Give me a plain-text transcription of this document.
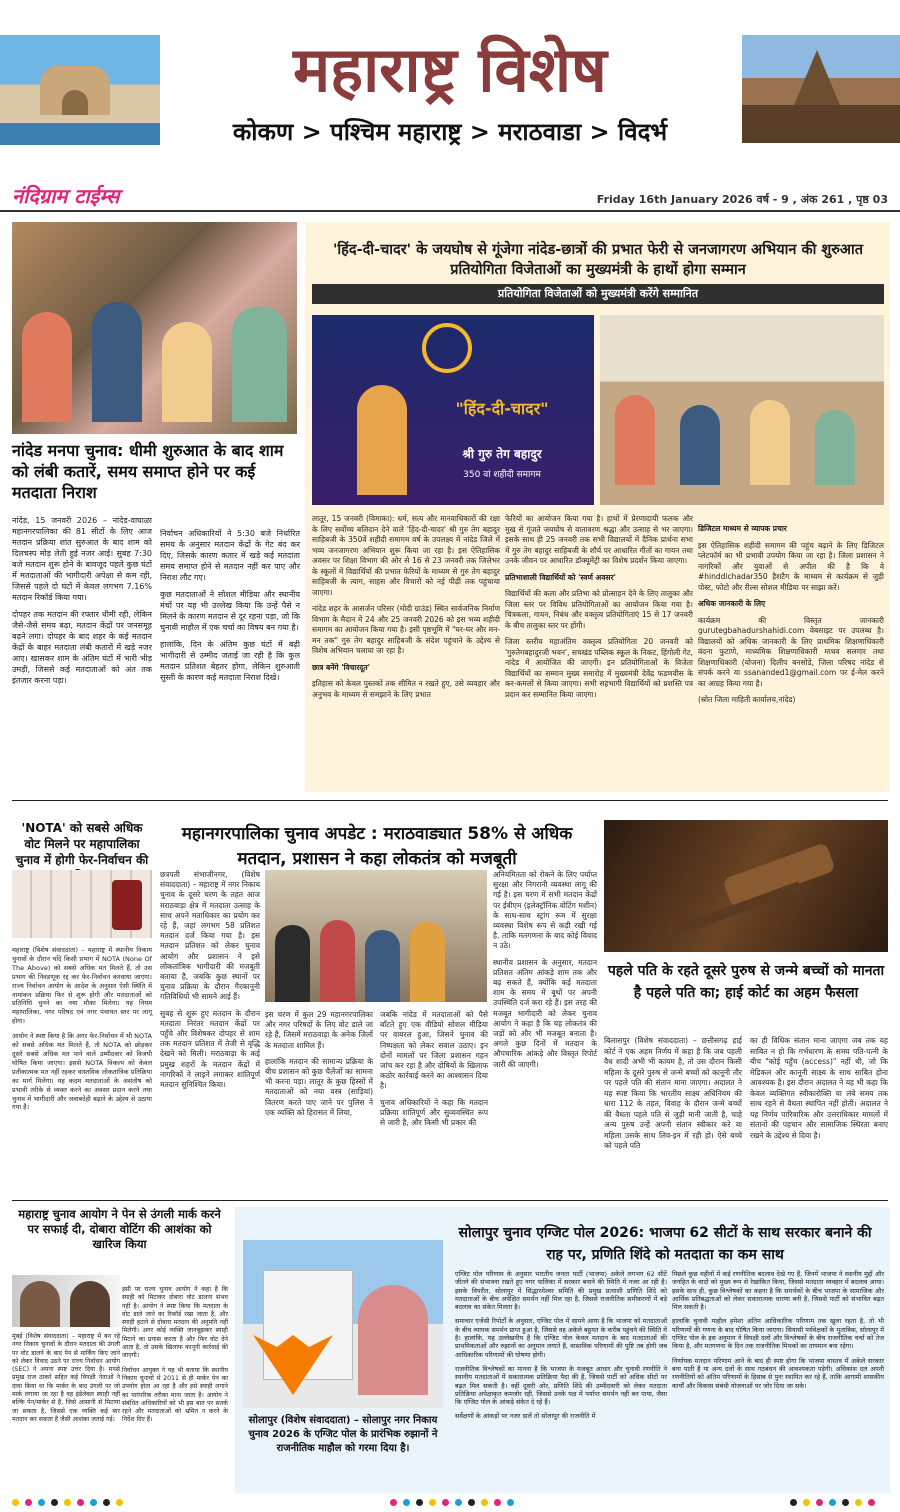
महाराष्ट्र विशेष
कोकण > पश्चिम महाराष्ट्र > मराठवाडा > विदर्भ
नंदिग्राम टाईम्स	Friday 16th January 2026 वर्ष - 9 , अंक 261 , पृष्ठ 03
नांदेड मनपा चुनाव: धीमी शुरुआत के बाद शाम को लंबी कतारें, समय समाप्त होने पर कई मतदाता निराश

नांदेड, 15 जनवरी 2026 – नांदेड-वाघाळा महानगरपालिका की 81 सीटों के लिए आज मतदान प्रक्रिया शांत सुरुआत के बाद शाम को दिलचस्प मोड़ लेती हुई नजर आई। सुबह 7:30 बजे मतदान शुरू होने के बावजूद पहले कुछ घंटों में मतदाताओं की भागीदारी अपेक्षा से कम रही, जिससे पहले दो घंटों में केवल लगभग 7.16% मतदान रिकॉर्ड किया गया।

दोपहर तक मतदान की रफ्तार धीमी रही, लेकिन जैसे-जैसे समय बढ़ा, मतदान केंद्रों पर जनसमूह बढ़ने लगा। दोपहर के बाद शहर के कई मतदान केंद्रों के बाहर मतदाता लंबी कतारों में खड़े नजर आए। खासकर शाम के अंतिम घंटों में भारी भीड़ उमड़ी, जिससे कई मतदाताओं को अंत तक इंतजार करना पड़ा।

निर्वाचन अधिकारियों ने 5:30 बजे निर्धारित समय के अनुसार मतदान केंद्रों के गेट बंद कर दिए, जिसके कारण कतार में खड़े कई मतदाता समय समाप्त होने से मतदान नहीं कर पाए और निराश लौट गए।

कुछ मतदाताओं ने सोशल मीडिया और स्थानीय मंचों पर यह भी उल्लेख किया कि उन्हें पैसे न मिलने के कारण मतदान से दूर रहना पड़ा, जो कि चुनावी माहौल में एक चर्चा का विषय बन गया है।

हालांकि, दिन के अंतिम कुछ घंटों में बढ़ी भागीदारी से उम्मीद जताई जा रही है कि कुल मतदान प्रतिशत बेहतर होगा, लेकिन शुरुआती सुस्ती के कारण कई मतदाता निराश दिखे।

'हिंद-दी-चादर' के जयघोष से गूंजेगा नांदेड-छात्रों की प्रभात फेरी से जनजागरण अभियान की शुरुआत प्रतियोगिता विजेताओं का मुख्यमंत्री के हाथों होगा सम्मान
प्रतियोगिता विजेताओं को मुख्यमंत्री करेंगे सम्मानित
"हिंद-दी-चादर"
श्री गुरु तेग बहादुर
350 वां शहीदी समागम

लातूर, 15 जनवरी (विमाका): धर्म, सत्य और मानवाधिकारों की रक्षा के लिए सर्वोच्च बलिदान देने वाले 'हिंद-दी-चादर' श्री गुरु तेग बहादुर साहिबजी के 350वें शहीदी समागम वर्ष के उपलक्ष्य में नांदेड जिले में भव्य जनजागरण अभियान शुरू किया जा रहा है। इस ऐतिहासिक अवसर पर शिक्षा विभाग की ओर से 16 से 23 जनवरी तक जिलेभर के स्कूलों में विद्यार्थियों की प्रभात फेरियों के माध्यम से गुरु तेग बहादुर साहिबजी के त्याग, साहस और विचारों को नई पीढ़ी तक पहुंचाया जाएगा।

नांदेड शहर के आसर्जन परिसर (मोदी ग्राउंड) स्थित सार्वजनिक निर्माण विभाग के मैदान में 24 और 25 जनवरी 2026 को इस भव्य शहीदी समागम का आयोजन किया गया है। इसी पृष्ठभूमि में "घर-घर और मन-मन तक" गुरु तेग बहादुर साहिबजी के संदेश पहुंचाने के उद्देश्य से विशेष अभियान चलाया जा रहा है।

छात्र बनेंगे 'विचारदूत'

इतिहास को केवल पुस्तकों तक सीमित न रखते हुए, उसे व्यवहार और अनुभव के माध्यम से समझाने के लिए प्रभात

फेरियों का आयोजन किया गया है। हाथों में प्रेरणादायी फलक और मुख से गूंजते जयघोष से वातावरण श्रद्धा और उत्साह से भर जाएगा। इसके साथ ही 25 जनवरी तक सभी विद्यालयों में दैनिक प्रार्थना सभा में गुरु तेग बहादुर साहिबजी के शौर्य पर आधारित गीतों का गायन तथा उनके जीवन पर आधारित डॉक्यूमेंट्री का विशेष प्रदर्शन किया जाएगा।

प्रतिभाशाली विद्यार्थियों को 'स्वर्ण अवसर'

विद्यार्थियों की कला और प्रतिभा को प्रोत्साहन देने के लिए तालुका और जिला स्तर पर विविध प्रतियोगिताओं का आयोजन किया गया है। चित्रकला, गायन, निबंध और वक्तृत्व प्रतियोगिताएं 15 से 17 जनवरी के बीच तालुका स्तर पर होंगी।

जिला स्तरीय महाअंतिम वक्तृत्व प्रतियोगिता 20 जनवरी को 'गुरुतेगबहादुरजी भवन', सचखंड पब्लिक स्कूल के निकट, हिंगोली गेट, नांदेड में आयोजित की जाएगी। इन प्रतियोगिताओं के विजेता विद्यार्थियों का सम्मान मुख्य समारोह में मुख्यमंत्री देवेंद्र फडणवीस के कर-कमलों से किया जाएगा। सभी सहभागी विद्यार्थियों को प्रशस्ति पत्र प्रदान कर सम्मानित किया जाएगा।

डिजिटल माध्यम से व्यापक प्रचार

इस ऐतिहासिक शहीदी समागम की पहुंच बढ़ाने के लिए डिजिटल प्लेटफॉर्म का भी प्रभावी उपयोग किया जा रहा है। जिला प्रशासन ने नागरिकों और युवाओं से अपील की है कि वे #hinddichadar350 हैशटैग के माध्यम से कार्यक्रम से जुड़ी पोस्ट, फोटो और रील्स सोशल मीडिया पर साझा करें।

अधिक जानकारी के लिए

कार्यक्रम की विस्तृत जानकारी gurutegbahadurshahidi.com वेबसाइट पर उपलब्ध है। विद्यालयों को अधिक जानकारी के लिए प्राथमिक शिक्षणाधिकारी वंदना फुटाणे, माध्यमिक शिक्षणाधिकारी माधव सलगार तथा शिक्षणाधिकारी (योजना) दिलीप बनसोडे, जिला परिषद नांदेड से संपर्क करने या ssananded1@gmail.com पर ई-मेल करने का आग्रह किया गया है।

(स्रोत जिला माहिती कार्यालय,नांदेड)

'NOTA' को सबसे अधिक वोट मिलने पर महापालिका चुनाव में होगी फेर-निर्वाचन की

महाराष्ट्र (विशेष संवाददाता) – महाराष्ट्र में स्थानीय निकाय चुनावों के दौरान यदि किसी प्रभाग में NOTA (None Of The Above) को सबसे अधिक मत मिलते हैं, तो उस प्रभाग की निवडणूक रद्द कर फेर-निर्वाचन करवाया जाएगा। राज्य निर्वाचन आयोग के आदेश के अनुसार ऐसी स्थिति में नामांकन प्रक्रिया फिर से शुरू होगी और मतदाताओं को प्रतिनिधि चुनने का नया मौका मिलेगा। यह नियम महापालिका, नगर परिषद एवं नगर पंचायत स्तर पर लागू होगा।

आयोग ने स्पष्ट किया है कि अगर फेर-निर्वाचन में भी NOTA को सबसे अधिक मत मिलते हैं, तो NOTA को छोड़कर दूसरे सबसे अधिक मत पाने वाले उम्मीदवार को विजयी घोषित किया जाएगा। इससे NOTA विकल्प को केवल प्रतीकात्मक मत नहीं रहकर वास्तविक लोकतांत्रिक प्रतिक्रिया का मार्ग मिलेगा। यह कदम मतदाताओं के असंतोष को प्रभावी तरीके से व्यक्त करने का अवसर प्रदान करने तथा चुनाव में भागीदारी और जवाबदेही बढ़ाने के उद्देश्य से उठाया गया है।

महानगरपालिका चुनाव अपडेट : मराठवाड्यात 58% से अधिक मतदान, प्रशासन ने कहा लोकतंत्र को मजबूती

छत्रपती संभाजीनगर, (विशेष संवाददाता) – महाराष्ट्र में नगर निकाय चुनाव के दूसरे चरण के तहत आज मराठवाड़ा क्षेत्र में मतदाता उत्साह के साथ अपने मताधिकार का प्रयोग कर रहे हैं, जहां लगभग 58 प्रतिशत मतदान दर्ज किया गया है। इस मतदान प्रतिशत को लेकर चुनाव आयोग और प्रशासन ने इसे लोकतांत्रिक भागीदारी की मजबूती बताया है, जबकि कुछ स्थानों पर चुनाव प्रक्रिया के दौरान गैरकानूनी गतिविधियों भी सामने आई हैं।

सुबह से शुरू हुए मतदान के दौरान मतदाता निरंतर मतदान केंद्रों पर पहुँचे और विशेषकर दोपहर से शाम तक मतदान प्रतिशत में तेजी से वृद्धि देखने को मिली। मराठवाड़ा के कई प्रमुख शहरों के मतदान केंद्रों में नागरिकों ने लाइनें लगाकर शांतिपूर्ण मतदान सुनिश्चित किया।

इस चरण में कुल 29 महानगरपालिका और नगर परिषदों के लिए वोट डाले जा रहे हैं, जिसमें मराठवाड़ा के अनेक जिलों के मतदाता शामिल हैं।

हालांकि मतदान की सामान्य प्रक्रिया के बीच प्रशासन को कुछ चैलेंजों का सामना भी करना पड़ा। लातूर के कुछ हिस्सों में मतदाताओं को नया वस्त्र (साड़ियां) वितरण करते पाए जाने पर पुलिस ने एक व्यक्ति को हिरासत में लिया,

जबकि नांदेड में मतदाताओं को पैसे बाँटते हुए एक वीडियो सोशल मीडिया पर वायरल हुआ, जिसने चुनाव की निष्पक्षता को लेकर सवाल उठाए। इन दोनों मामलों पर जिला प्रशासन गहन जांच कर रहा है और दोषियों के खिलाफ कठोर कार्रवाई करने का आश्वासन दिया है।

चुनाव अधिकारियों ने कहा कि मतदान प्रक्रिया शांतिपूर्ण और सुव्यवस्थित रूप से जारी है, और किसी भी प्रकार की

अनियमितता को रोकने के लिए पर्याप्त सुरक्षा और निगरानी व्यवस्था लागू की गई है। इस चरण में सभी मतदान केंद्रों पर ईवीएम (इलेक्ट्रॉनिक वोटिंग मशीन) के साथ-साथ स्ट्रांग रूम में सुरक्षा व्यवस्था विशेष रूप से कड़ी रखी गई है, ताकि मतगणना के बाद कोई विवाद न उठे।

स्थानीय प्रशासन के अनुसार, मतदान प्रतिशत अंतिम आंकड़े शाम तक और बढ़ सकते हैं, क्योंकि कई मतदाता शाम के समय में बूथों पर अपनी उपस्थिति दर्ज करा रहे हैं। इस तरह की मजबूत भागीदारी को लेकर चुनाव आयोग ने कहा है कि यह लोकतंत्र की जड़ों को और भी मजबूत बनाता है। अगले कुछ दिनों में मतदान के औपचारिक आंकड़े और विस्तृत रिपोर्ट जारी की जाएगी।

पहले पति के रहते दूसरे पुरुष से जन्मे बच्चों को मानता है पहले पति का; हाई कोर्ट का अहम फैसला

बिलासपुर (विशेष संवाददाता) – छत्तीसगढ़ हाई कोर्ट ने एक अहम निर्णय में कहा है कि जब पहली वैध शादी अभी भी कायम है, तो उस दौरान किसी महिला के दूसरे पुरुष से जन्मे बच्चों को कानूनी तौर पर पहले पति की संतान माना जाएगा। अदालत ने यह स्पष्ट किया कि भारतीय साक्ष्य अधिनियम की धारा 112 के तहत, विवाह के दौरान जन्मे बच्चों की वैधता पहले पति से जुड़ी मानी जाती है, चाहे अन्य पुरुष उन्हें अपनी संतान स्वीकार करे या महिला उसके साथ लिव-इन में रही हो। ऐसे बच्चे को पहले पति

का ही विधिक संतान माना जाएगा जब तक यह साबित न हो कि गर्भधारण के समय पति-पत्नी के बीच "कोई पहुँच (access)" नहीं थी, जो कि मेडिकल और कानूनी साक्ष्य के साथ साबित होना आवश्यक है। इस दौरान अदालत ने यह भी कहा कि केवल व्यक्तिगत स्वीकारोक्ति या लंबे समय तक साथ रहने से वैधता स्थापित नहीं होती। अदालत ने यह निर्णय पारिवारिक और उत्तराधिकार मामलों में संतानों की पहचान और सामाजिक स्थिरता बनाए रखने के उद्देश्य से दिया है।

महाराष्ट्र चुनाव आयोग ने पेन से उंगली मार्क करने पर सफाई दी, दोबारा वोटिंग की आशंका को खारिज किया

मुंबई (विशेष संवाददाता) – महाराष्ट्र में बन रहे नगर निकाय चुनावों के दौरान मतदाता की उंगली पर वोट डालने के बाद पेन से मार्किंग किए जाने को लेकर विवाद उठने पर राज्य निर्वाचन आयोग (SEC) ने अपना स्पष्ट उत्तर दिया है। मनसे प्रमुख राज ठाकरे सहित कई विपक्षी नेताओं ने दावा किया था कि मार्कर के बाद उंगली पर जो मार्क लगाया जा रहा है वह इंडेलेबल स्याही नहीं बल्कि पेन/मार्कर से है, जिसे आसानी से मिटाया जा सकता है, जिससे एक व्यक्ति कई बार मतदान कर सकता है जैसी आशंका जताई गई।

इसी पर राज्य चुनाव आयोग ने कहा है कि स्याही को मिटाकर दोबारा वोट डालना संभव नहीं है। आयोग ने स्पष्ट किया कि मतदाता के वोट डाले जाने का रिकॉर्ड रखा जाता है, और स्याही हटाने से दोबारा मतदान की अनुमति नहीं मिलेगी। अगर कोई व्यक्ति जानबूझकर स्याही मिटाने का प्रयास करता है और फिर वोट देने आता है, तो उसके खिलाफ कानूनी कार्रवाई की जाएगी।

निर्वाचन आयुक्त ने यह भी बताया कि स्थानीय निकाय चुनावों में 2011 से ही मार्कर पेन का उपयोग होता आ रहा है और इसे स्याही लगाने का पारंपरिक तरीका माना जाता है। आयोग ने संबंधित अधिकारियों को भी इस बात पर सतर्क रहने और मतदाताओं को भ्रमित न करने के निर्देश दिए हैं।

सोलापुर चुनाव एग्जिट पोल 2026: भाजपा 62 सीटों के साथ सरकार बनाने की राह पर, प्रणिति शिंदे को मतदाता का कम साथ
सोलापुर (विशेष संवाददाता) – सोलापुर नगर निकाय चुनाव 2026 के एग्जिट पोल के प्रारंभिक रुझानों ने राजनीतिक माहौल को गरमा दिया है।

एग्जिट पोल परिणाम के अनुसार भारतीय जनता पार्टी (भाजपा) अकेले लगभग 62 सीटें जीतने की संभावना रखते हुए नगर पालिका में सरकार बनाने की स्थिति में नजर आ रही है। इसके विपरीत, सोलापुर में सिद्धारमेश्वर समिति की प्रमुख प्रत्याशी प्रणिति शिंदे को मतदाताओं के बीच अपेक्षित समर्थन नहीं मिल रहा है, जिससे राजनीतिक समीकरणों में बड़े बदलाव का संकेत मिलता है।

समाचार एजेंसी रिपोर्टों के अनुसार, एग्जिट पोल में सामने आया है कि भाजपा को मतदाताओं के बीच व्यापक समर्थन प्राप्त हुआ है, जिससे वह अकेले बहुमत के करीब पहुंचने की स्थिति में है। हालांकि, यह उल्लेखनीय है कि एग्जिट पोल केवल मतदान के बाद मतदाताओं की प्राथमिकताओं और रुझानों का अनुमान लगाते हैं, वास्तविक परिणामों की पुष्टि तब होगी जब आधिकारिक परिणामों की घोषणा होगी।

राजनीतिक विश्लेषकों का मानना है कि भाजपा के मजबूत आधार और चुनावी रणनीति ने स्थानीय मतदाताओं में सकारात्मक प्रतिक्रिया पैदा की है, जिससे पार्टी को अधिक सीटों पर बढ़त मिल सकती है। वहीं दूसरी ओर, प्रणिति शिंदे की उम्मीदवारी को लेकर मतदाता प्रतिक्रिया अपेक्षाकृत कमजोर रही, जिससे उनके पक्ष में पर्याप्त समर्थन नहीं बन पाया, जैसा कि एग्जिट पोल के आंकड़े संकेत दे रहे हैं।

सर्वेक्षणों के आंकड़ों पर नजर डालें तो सोलापुर की राजनीति में

पिछले कुछ महीनों में कई रणनीतिक बदलाव देखे गए हैं, जिनमें भाजपा ने स्थानीय मुद्दों और जनहित के वादों को मुख्य रूप से रेखांकित किया, जिससे मतदाता व्यवहार में बदलाव आया। इसके साथ ही, कुछ विश्लेषकों का कहना है कि समर्थकों के बीच भाजपा के सामाजिक और आर्थिक प्रतिबद्धताओं को लेकर सकारात्मक धारणा बनी है, जिससे पार्टी को संभावित बढ़त मिल सकती है।

हालांकि चुनावी माहौल हमेशा अंतिम आधिकारिक परिणाम तक खुला रहता है, तो भी परिणामों की गणना के बाद घोषित किया जाएगा। सियासी पर्यवेक्षकों के मुताबिक, सोलापुर में एग्जिट पोल के इस अनुमान ने विपक्षी दलों और विश्लेषकों के बीच राजनीतिक चर्चा को तेज किया है, और मतगणना के दिन तक राजनीतिक मिथकों का तापमान बना रहेगा।

निर्णायक मतदान परिणाम आने के बाद ही स्पष्ट होगा कि भाजपा वास्तव में अकेले सरकार बना पाती है या अन्य दलों के साथ गठबंधन की आवश्यकता पड़ेगी। अधिकांश दल अपनी रणनीतियों को अंतिम परिणामों के हिसाब से पुनः स्थापित कर रहे हैं, ताकि आगामी शासकीय कार्यों और विकास संबंधी योजनाओं पर जोर दिया जा सके।
